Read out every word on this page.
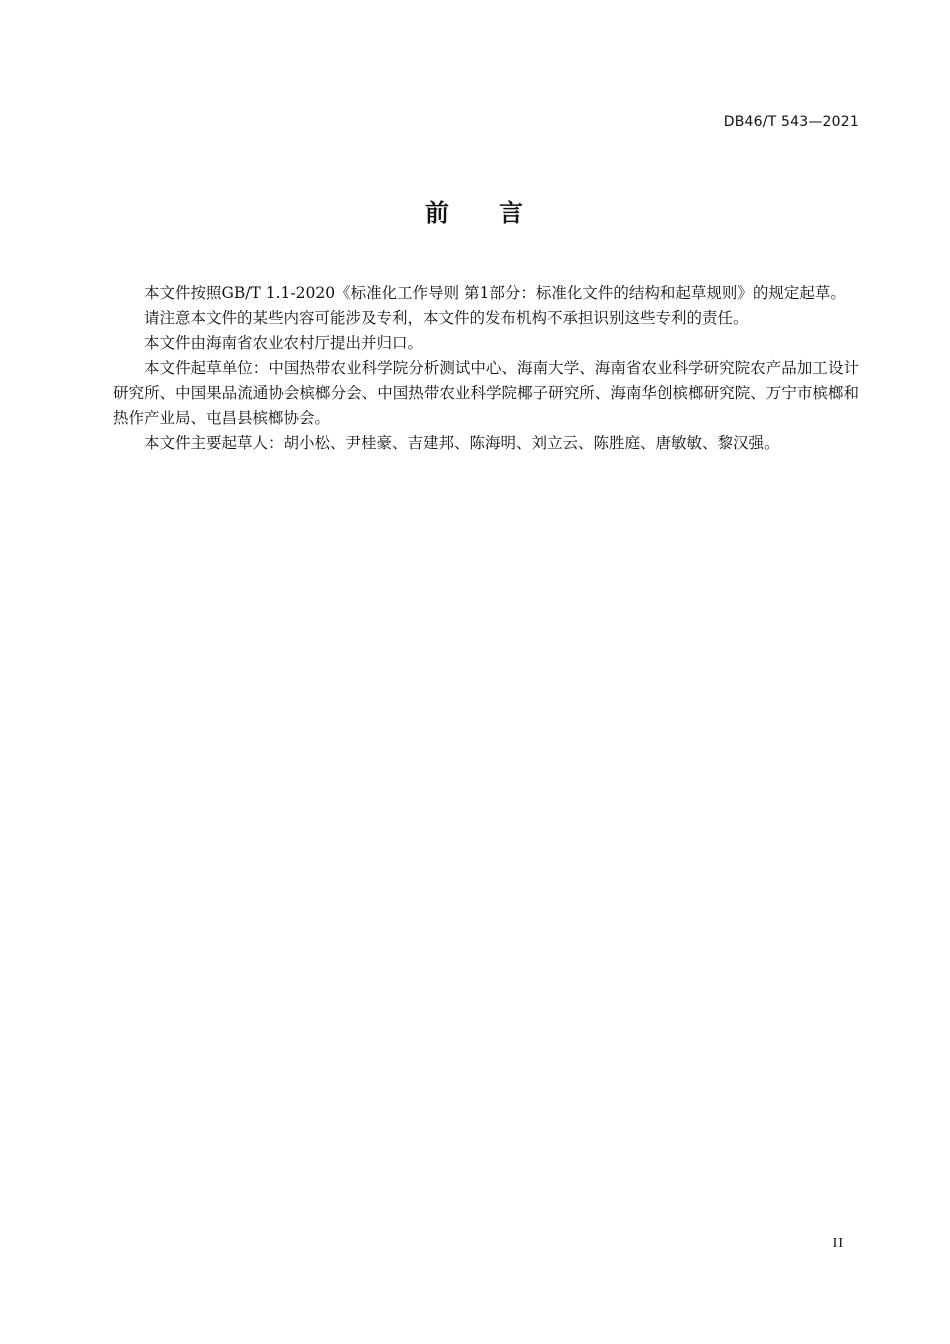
DB46/T 543—2021
前 言

本文件按照GB/T 1.1-2020《标准化工作导则 第1部分：标准化文件的结构和起草规则》的规定起草。

请注意本文件的某些内容可能涉及专利，本文件的发布机构不承担识别这些专利的责任。

本文件由海南省农业农村厅提出并归口。

本文件起草单位：中国热带农业科学院分析测试中心、海南大学、海南省农业科学研究院农产品加工设计研究所、中国果品流通协会槟榔分会、中国热带农业科学院椰子研究所、海南华创槟榔研究院、万宁市槟榔和热作产业局、屯昌县槟榔协会。

本文件主要起草人：胡小松、尹桂豪、吉建邦、陈海明、刘立云、陈胜庭、唐敏敏、黎汉强。

II
